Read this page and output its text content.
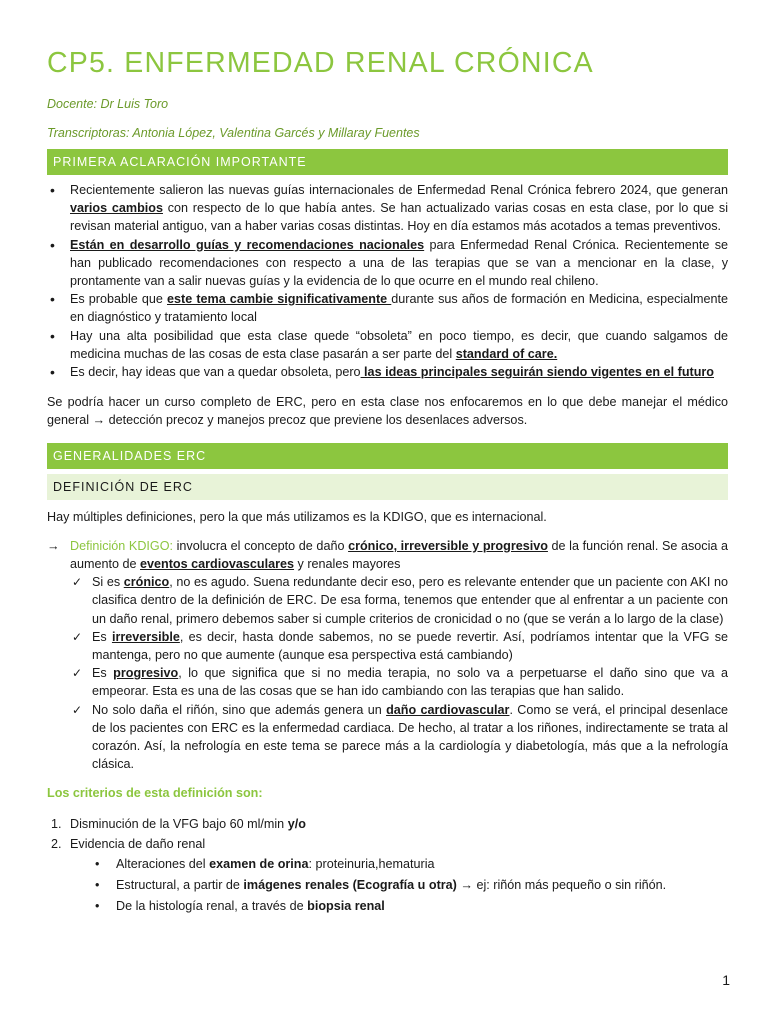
CP5. ENFERMEDAD RENAL CRÓNICA

Docente: Dr Luis Toro

Transcriptoras: Antonia López, Valentina Garcés y Millaray Fuentes

PRIMERA ACLARACIÓN IMPORTANTE
• Recientemente salieron las nuevas guías internacionales de Enfermedad Renal Crónica febrero 2024, que generan varios cambios con respecto de lo que había antes. Se han actualizado varias cosas en esta clase, por lo que si revisan material antiguo, van a haber varias cosas distintas. Hoy en día estamos más acotados a temas preventivos.
• Están en desarrollo guías y recomendaciones nacionales para Enfermedad Renal Crónica. Recientemente se han publicado recomendaciones con respecto a una de las terapias que se van a mencionar en la clase, y prontamente van a salir nuevas guías y la evidencia de lo que ocurre en el mundo real chileno.
• Es probable que este tema cambie significativamente durante sus años de formación en Medicina, especialmente en diagnóstico y tratamiento local
• Hay una alta posibilidad que esta clase quede “obsoleta” en poco tiempo, es decir, que cuando salgamos de medicina muchas de las cosas de esta clase pasarán a ser parte del standard of care.
• Es decir, hay ideas que van a quedar obsoleta, pero las ideas principales seguirán siendo vigentes en el futuro

Se podría hacer un curso completo de ERC, pero en esta clase nos enfocaremos en lo que debe manejar el médico general → detección precoz y manejos precoz que previene los desenlaces adversos.

GENERALIDADES ERC
DEFINICIÓN DE ERC

Hay múltiples definiciones, pero la que más utilizamos es la KDIGO, que es internacional.

→ Definición KDIGO: involucra el concepto de daño crónico, irreversible y progresivo de la función renal. Se asocia a aumento de eventos cardiovasculares y renales mayores
✓ Si es crónico, no es agudo. Suena redundante decir eso, pero es relevante entender que un paciente con AKI no clasifica dentro de la definición de ERC. De esa forma, tenemos que entender que al enfrentar a un paciente con un daño renal, primero debemos saber si cumple criterios de cronicidad o no (que se verán a lo largo de la clase)
✓ Es irreversible, es decir, hasta donde sabemos, no se puede revertir. Así, podríamos intentar que la VFG se mantenga, pero no que aumente (aunque esa perspectiva está cambiando)
✓ Es progresivo, lo que significa que si no media terapia, no solo va a perpetuarse el daño sino que va a empeorar. Esta es una de las cosas que se han ido cambiando con las terapias que han salido.
✓ No solo daña el riñón, sino que además genera un daño cardiovascular. Como se verá, el principal desenlace de los pacientes con ERC es la enfermedad cardiaca. De hecho, al tratar a los riñones, indirectamente se trata al corazón. Así, la nefrología en este tema se parece más a la cardiología y diabetología, más que a la nefrología clásica.

Los criterios de esta definición son:

1. Disminución de la VFG bajo 60 ml/min y/o
2. Evidencia de daño renal
• Alteraciones del examen de orina: proteinuria,hematuria
• Estructural, a partir de imágenes renales (Ecografía u otra) → ej: riñón más pequeño o sin riñón.
• De la histología renal, a través de biopsia renal
1
